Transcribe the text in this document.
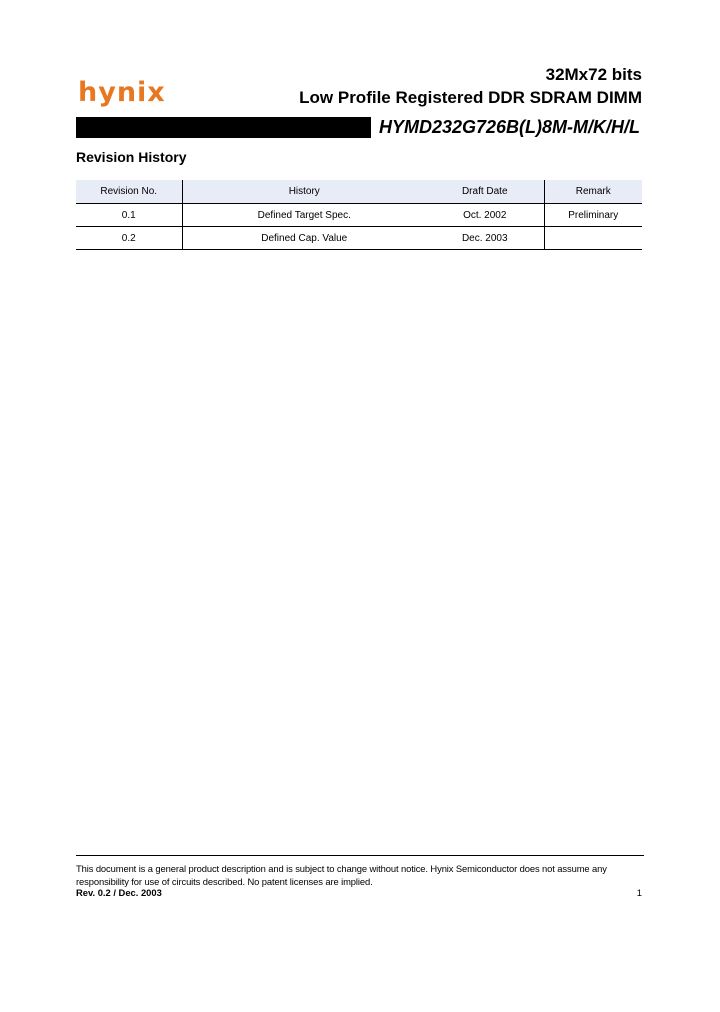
hynix
32Mx72 bits
Low Profile Registered DDR SDRAM DIMM
HYMD232G726B(L)8M-M/K/H/L
Revision History
Revision No.	History	Draft Date	Remark
0.1	Defined Target Spec.	Oct. 2002	Preliminary
0.2	Defined Cap. Value	Dec. 2003	
This document is a general product description and is subject to change without notice. Hynix Semiconductor does not assume any responsibility for use of circuits described. No patent licenses are implied.
Rev. 0.2 / Dec. 2003	1
